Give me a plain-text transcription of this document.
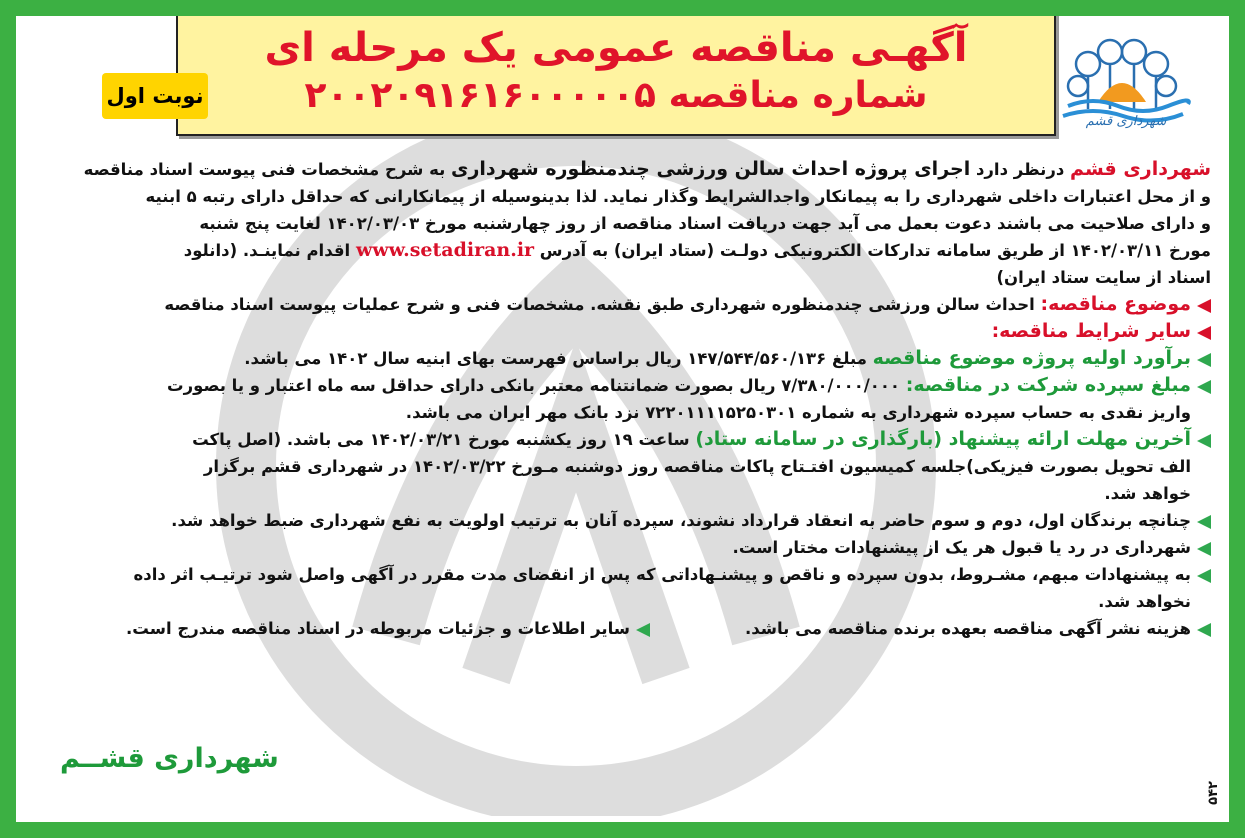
شهرداری قشم
آگهـی مناقصه عمومی یک مرحله ای
شماره مناقصه ۲۰۰۲۰۹۱۶۱۶۰۰۰۰۰۵
نوبت اول
شهرداری قشم درنظر دارد اجرای پروژه احداث سالن ورزشی چندمنظوره شهرداری به شرح مشخصات فنی پیوست اسناد مناقصه
و از محل اعتبارات داخلی شهرداری را به پیمانکار واجدالشرایط وگذار نماید. لذا بدینوسیله از پیمانکارانی که حداقل دارای رتبه ۵ ابنیه
و دارای صلاحیت می باشند دعوت بعمل می آید جهت دریافت اسناد مناقصه از روز چهارشنبه مورخ ۱۴۰۲/۰۳/۰۳ لغایت پنج شنبه
مورخ ۱۴۰۲/۰۳/۱۱ از طریق سامانه تدارکات الکترونیکی دولـت (ستاد ایران) به آدرس www.setadiran.ir اقدام نماینـد. (دانلود
اسناد از سایت ستاد ایران)
موضوع مناقصه: احداث سالن ورزشی چندمنظوره شهرداری طبق نقشه. مشخصات فنی و شرح عملیات پیوست اسناد مناقصه
سایر شرایط مناقصه:
برآورد اولیه پروژه موضوع مناقصه مبلغ ۱۴۷/۵۴۴/۵۶۰/۱۳۶ ریال براساس فهرست بهای ابنیه سال ۱۴۰۲ می باشد.
مبلغ سپرده شرکت در مناقصه: ۷/۳۸۰/۰۰۰/۰۰۰ ریال بصورت ضمانتنامه معتبر بانکی دارای حداقل سه ماه اعتبار و یا بصورت
واریز نقدی به حساب سپرده شهرداری به شماره ۷۲۲۰۱۱۱۱۵۲۵۰۳۰۱ نزد بانک مهر ایران می باشد.
آخرین مهلت ارائه پیشنهاد (بارگذاری در سامانه ستاد) ساعت ۱۹ روز یکشنبه مورخ ۱۴۰۲/۰۳/۲۱ می باشد. (اصل پاکت
الف تحویل بصورت فیزیکی)جلسه کمیسیون افتـتاح پاکات مناقصه روز دوشنبه مـورخ ۱۴۰۲/۰۳/۲۲ در شهرداری قشم برگزار
خواهد شد.
چنانچه برندگان اول، دوم و سوم حاضر به انعقاد قرارداد نشوند، سپرده آنان به ترتیب اولویت به نفع شهرداری ضبط خواهد شد.
شهرداری در رد یا قبول هر یک از پیشنهادات مختار است.
به پیشنهادات مبهم، مشـروط، بدون سپرده و ناقص و پیشنـهاداتی که پس از انقضای مدت مقرر در آگهی واصل شود ترتیـب اثر داده
نخواهد شد.
هزینه نشر آگهی مناقصه بعهده برنده مناقصه می باشد.
سایر اطلاعات و جزئیات مربوطه در اسناد مناقصه مندرج است.
شهرداری قشــم
۵۴۲
